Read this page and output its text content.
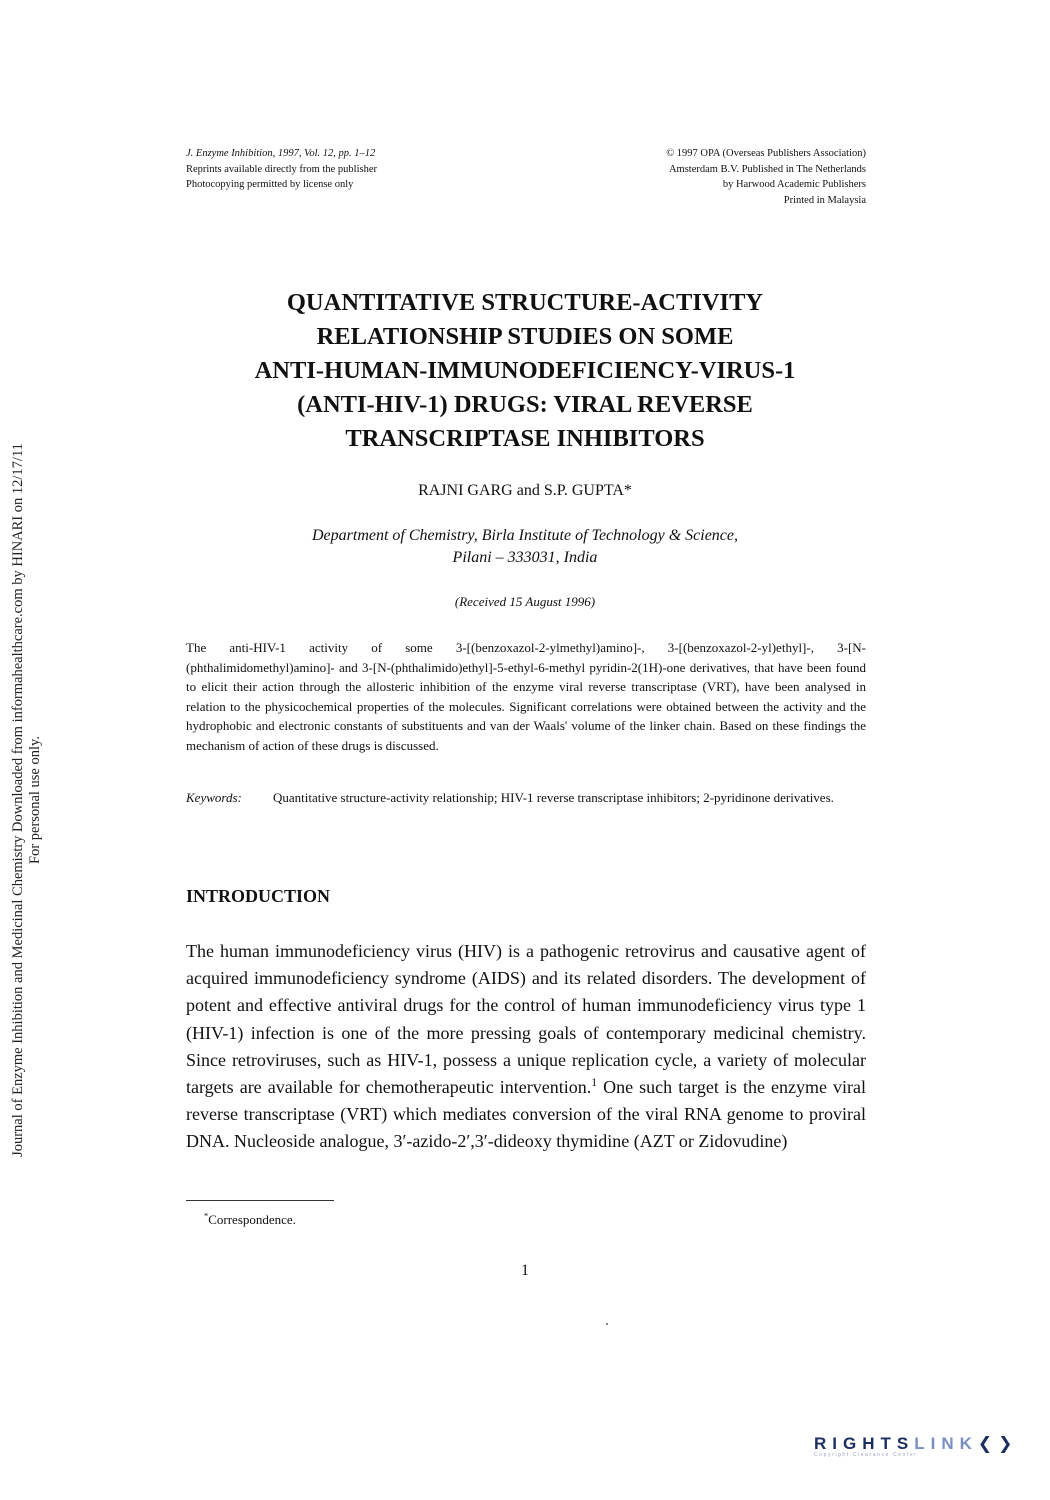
Journal of Enzyme Inhibition and Medicinal Chemistry Downloaded from informahealthcare.com by HINARI on 12/17/11 For personal use only.
J. Enzyme Inhibition, 1997, Vol. 12, pp. 1–12
Reprints available directly from the publisher
Photocopying permitted by license only
© 1997 OPA (Overseas Publishers Association)
Amsterdam B.V. Published in The Netherlands
by Harwood Academic Publishers
Printed in Malaysia
QUANTITATIVE STRUCTURE-ACTIVITY
RELATIONSHIP STUDIES ON SOME
ANTI-HUMAN-IMMUNODEFICIENCY-VIRUS-1
(ANTI-HIV-1) DRUGS: VIRAL REVERSE
TRANSCRIPTASE INHIBITORS
RAJNI GARG and S.P. GUPTA*
Department of Chemistry, Birla Institute of Technology & Science,
Pilani – 333031, India
(Received 15 August 1996)
The anti-HIV-1 activity of some 3-[(benzoxazol-2-ylmethyl)amino]-, 3-[(benzoxazol-2-yl)ethyl]-, 3-[N-(phthalimidomethyl)amino]- and 3-[N-(phthalimido)ethyl]-5-ethyl-6-methyl pyridin-2(1H)-one derivatives, that have been found to elicit their action through the allosteric inhibition of the enzyme viral reverse transcriptase (VRT), have been analysed in relation to the physicochemical properties of the molecules. Significant correlations were obtained between the activity and the hydrophobic and electronic constants of substituents and van der Waals' volume of the linker chain. Based on these findings the mechanism of action of these drugs is discussed.
Keywords: Quantitative structure-activity relationship; HIV-1 reverse transcriptase inhibitors; 2-pyridinone derivatives.
INTRODUCTION
The human immunodeficiency virus (HIV) is a pathogenic retrovirus and causative agent of acquired immunodeficiency syndrome (AIDS) and its related disorders. The development of potent and effective antiviral drugs for the control of human immunodeficiency virus type 1 (HIV-1) infection is one of the more pressing goals of contemporary medicinal chemistry. Since retroviruses, such as HIV-1, possess a unique replication cycle, a variety of molecular targets are available for chemotherapeutic intervention.$^1$ One such target is the enzyme viral reverse transcriptase (VRT) which mediates conversion of the viral RNA genome to proviral DNA. Nucleoside analogue, 3′-azido-2′,3′-dideoxy thymidine (AZT or Zidovudine)
*Correspondence.
1
RIGHTSLINK❮❯
Copyright Clearance Center
